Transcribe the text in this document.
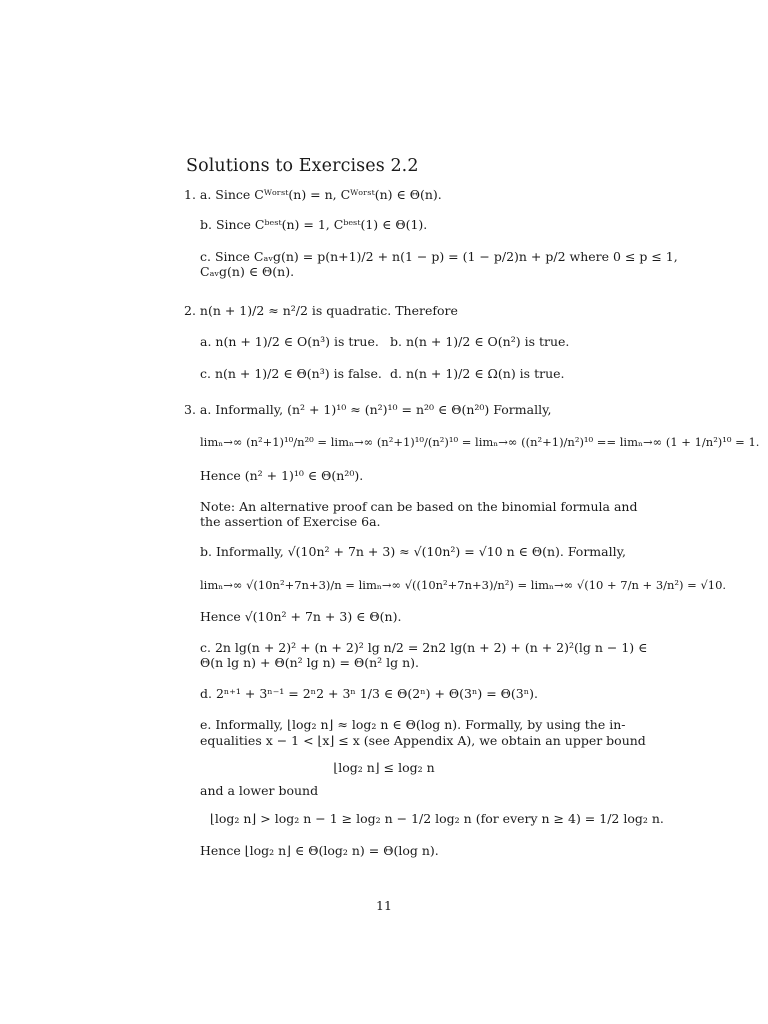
Solutions to Exercises 2.2
1. a. Since Cᵂᵒʳˢᵗ(n) = n, Cᵂᵒʳˢᵗ(n) ∈ Θ(n).
b. Since Cᵇᵉˢᵗ(n) = 1, Cᵇᵉˢᵗ(1) ∈ Θ(1).
c. Since Cₐᵥg(n) = p(n+1)/2 + n(1 − p) = (1 − p/2)n + p/2 where 0 ≤ p ≤ 1,
Cₐᵥg(n) ∈ Θ(n).
2. n(n + 1)/2 ≈ n²/2 is quadratic. Therefore
a. n(n + 1)/2 ∈ O(n³) is true. b. n(n + 1)/2 ∈ O(n²) is true.
c. n(n + 1)/2 ∈ Θ(n³) is false. d. n(n + 1)/2 ∈ Ω(n) is true.
3. a. Informally, (n² + 1)¹⁰ ≈ (n²)¹⁰ = n²⁰ ∈ Θ(n²⁰) Formally,
limₙ→∞ (n²+1)¹⁰/n²⁰ = limₙ→∞ (n²+1)¹⁰/(n²)¹⁰ = limₙ→∞ ((n²+1)/n²)¹⁰ == limₙ→∞ (1 + 1/n²)¹⁰ = 1.
Hence (n² + 1)¹⁰ ∈ Θ(n²⁰).
Note: An alternative proof can be based on the binomial formula and
the assertion of Exercise 6a.
b. Informally, √(10n² + 7n + 3) ≈ √(10n²) = √10 n ∈ Θ(n). Formally,
limₙ→∞ √(10n²+7n+3)/n = limₙ→∞ √((10n²+7n+3)/n²) = limₙ→∞ √(10 + 7/n + 3/n²) = √10.
Hence √(10n² + 7n + 3) ∈ Θ(n).
c. 2n lg(n + 2)² + (n + 2)² lg n/2 = 2n2 lg(n + 2) + (n + 2)²(lg n − 1) ∈
Θ(n lg n) + Θ(n² lg n) = Θ(n² lg n).
d. 2ⁿ⁺¹ + 3ⁿ⁻¹ = 2ⁿ2 + 3ⁿ 1/3 ∈ Θ(2ⁿ) + Θ(3ⁿ) = Θ(3ⁿ).
e. Informally, ⌊log₂ n⌋ ≈ log₂ n ∈ Θ(log n). Formally, by using the in-
equalities x − 1 < ⌊x⌋ ≤ x (see Appendix A), we obtain an upper bound
⌊log₂ n⌋ ≤ log₂ n
and a lower bound
⌊log₂ n⌋ > log₂ n − 1 ≥ log₂ n − 1/2 log₂ n (for every n ≥ 4) = 1/2 log₂ n.
Hence ⌊log₂ n⌋ ∈ Θ(log₂ n) = Θ(log n).
11
